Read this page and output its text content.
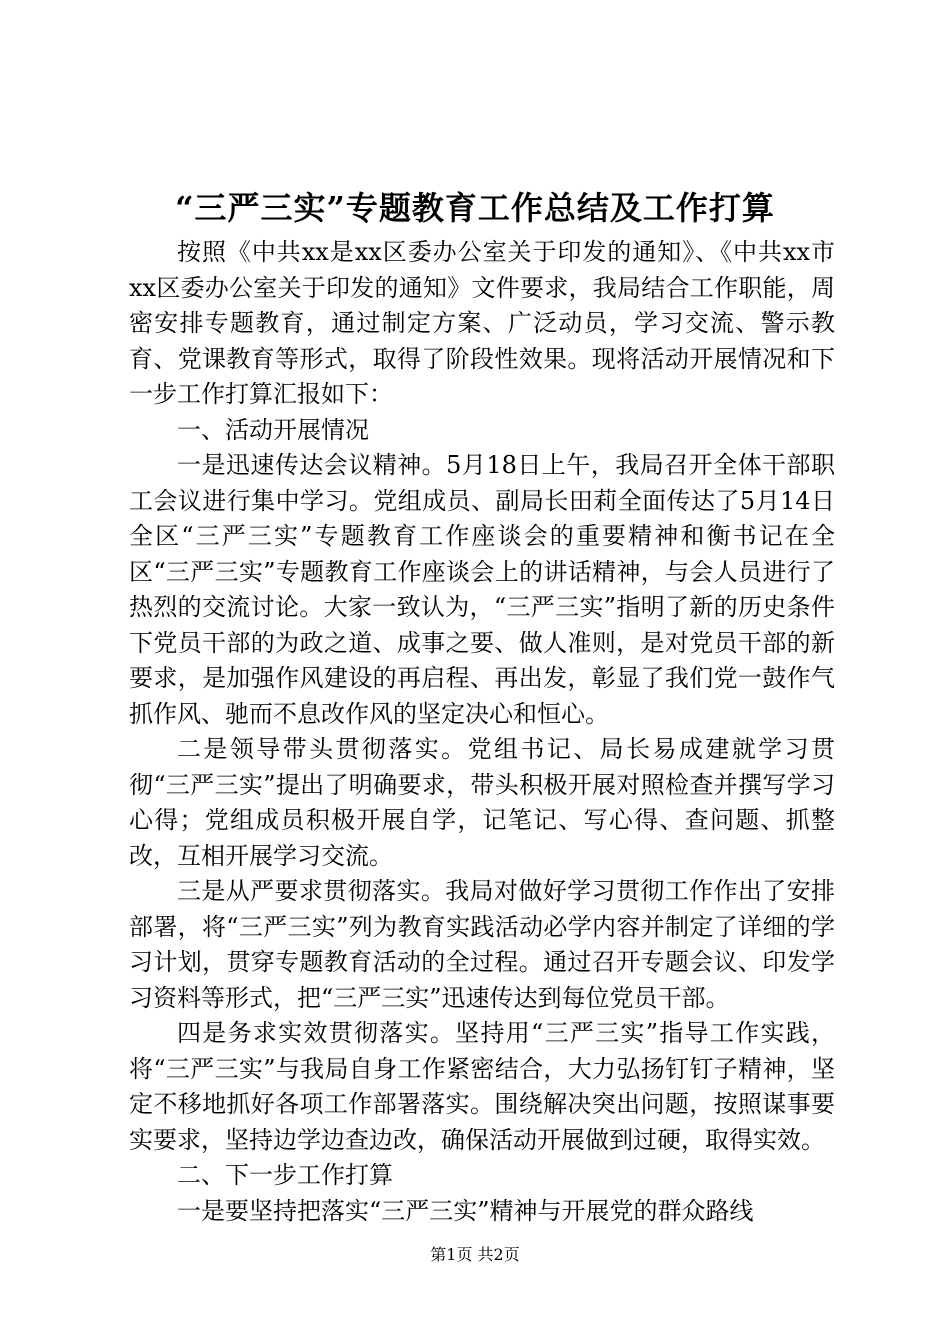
“三严三实”专题教育工作总结及工作打算

按照《中共xx是xx区委办公室关于印发的通知》、《中共xx市xx区委办公室关于印发的通知》文件要求，我局结合工作职能，周密安排专题教育，通过制定方案、广泛动员，学习交流、警示教育、党课教育等形式，取得了阶段性效果。现将活动开展情况和下一步工作打算汇报如下：

一、活动开展情况

一是迅速传达会议精神。5月18日上午，我局召开全体干部职工会议进行集中学习。党组成员、副局长田莉全面传达了5月14日全区“三严三实”专题教育工作座谈会的重要精神和衡书记在全区“三严三实”专题教育工作座谈会上的讲话精神，与会人员进行了热烈的交流讨论。大家一致认为，“三严三实”指明了新的历史条件下党员干部的为政之道、成事之要、做人准则，是对党员干部的新要求，是加强作风建设的再启程、再出发，彰显了我们党一鼓作气抓作风、驰而不息改作风的坚定决心和恒心。

二是领导带头贯彻落实。党组书记、局长易成建就学习贯彻“三严三实”提出了明确要求，带头积极开展对照检查并撰写学习心得；党组成员积极开展自学，记笔记、写心得、查问题、抓整改，互相开展学习交流。

三是从严要求贯彻落实。我局对做好学习贯彻工作作出了安排部署，将“三严三实”列为教育实践活动必学内容并制定了详细的学习计划，贯穿专题教育活动的全过程。通过召开专题会议、印发学习资料等形式，把“三严三实”迅速传达到每位党员干部。

四是务求实效贯彻落实。坚持用“三严三实”指导工作实践，将“三严三实”与我局自身工作紧密结合，大力弘扬钉钉子精神，坚定不移地抓好各项工作部署落实。围绕解决突出问题，按照谋事要实要求，坚持边学边查边改，确保活动开展做到过硬，取得实效。

二、下一步工作打算

一是要坚持把落实“三严三实”精神与开展党的群众路线

第1页 共2页
